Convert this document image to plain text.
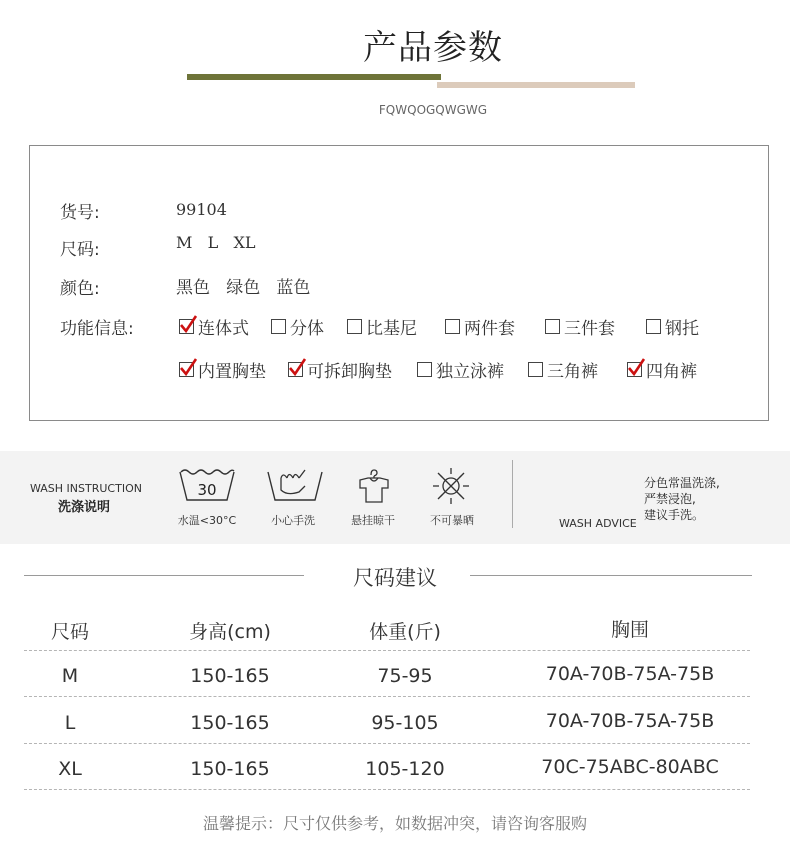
产品参数
FQWQOGQWGWG
货号:	99104
尺码:	M   L   XL
颜色:	黑色   绿色   蓝色
功能信息:	连体式 分体 比基尼	两件套	三件套	钢托
内置胸垫 可拆卸胸垫	独立泳裤	三角裤	四角裤
WASH INSTRUCTION
洗涤说明
30
水温<30°C	小心手洗	悬挂晾干	不可暴晒	WASH ADVICE
分色常温洗涤,
严禁浸泡,
建议手洗。
尺码建议
尺码	身高(cm)	体重(斤)	胸围
M	150-165	75-95	70A-70B-75A-75B
L	150-165	95-105	70A-70B-75A-75B
XL	150-165	105-120	70C-75ABC-80ABC
温馨提示：尺寸仅供参考，如数据冲突，请咨询客服购
